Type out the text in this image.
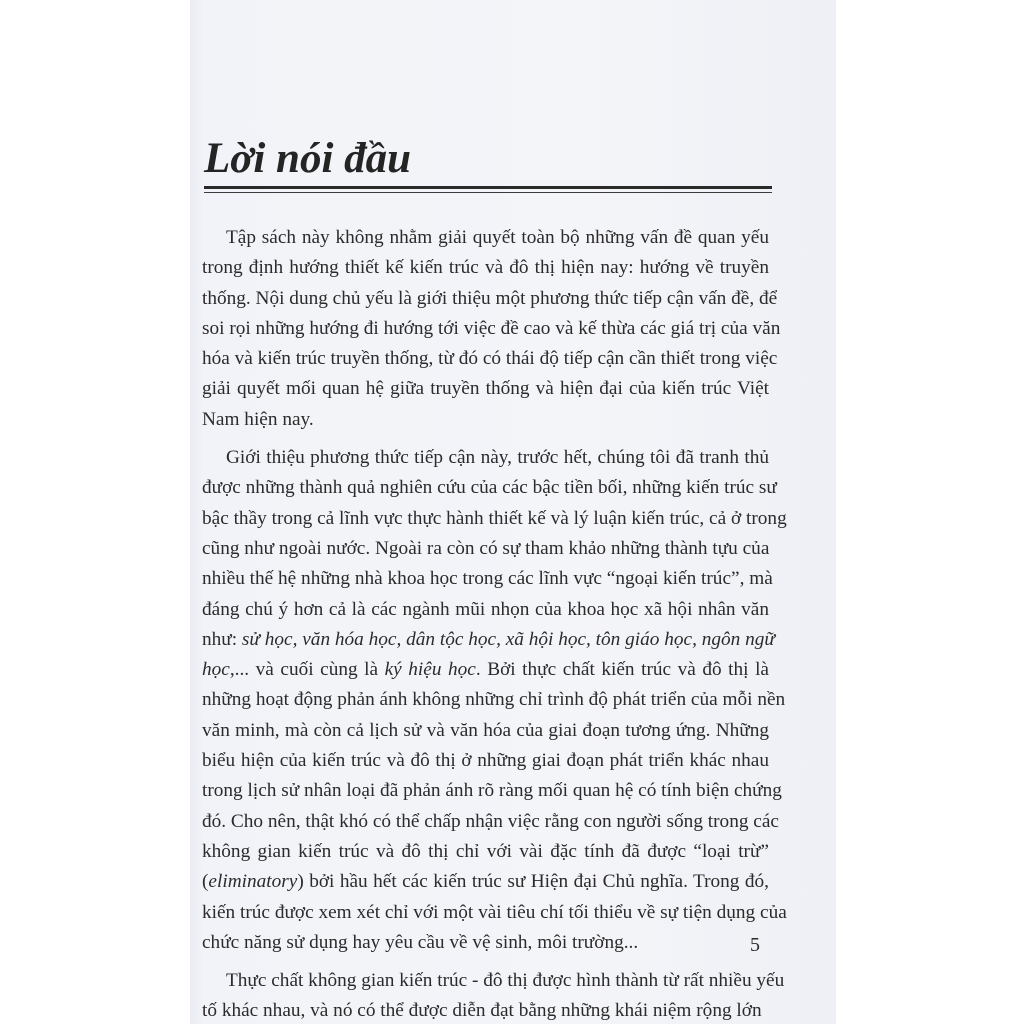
Lời nói đầu
Tập sách này không nhằm giải quyết toàn bộ những vấn đề quan yếu
trong định hướng thiết kế kiến trúc và đô thị hiện nay: hướng về truyền
thống. Nội dung chủ yếu là giới thiệu một phương thức tiếp cận vấn đề, để
soi rọi những hướng đi hướng tới việc đề cao và kế thừa các giá trị của văn
hóa và kiến trúc truyền thống, từ đó có thái độ tiếp cận cần thiết trong việc
giải quyết mối quan hệ giữa truyền thống và hiện đại của kiến trúc Việt
Nam hiện nay.
Giới thiệu phương thức tiếp cận này, trước hết, chúng tôi đã tranh thủ
được những thành quả nghiên cứu của các bậc tiền bối, những kiến trúc sư
bậc thầy trong cả lĩnh vực thực hành thiết kế và lý luận kiến trúc, cả ở trong
cũng như ngoài nước. Ngoài ra còn có sự tham khảo những thành tựu của
nhiều thế hệ những nhà khoa học trong các lĩnh vực “ngoại kiến trúc”, mà
đáng chú ý hơn cả là các ngành mũi nhọn của khoa học xã hội nhân văn
như: sử học, văn hóa học, dân tộc học, xã hội học, tôn giáo học, ngôn ngữ
học,... và cuối cùng là ký hiệu học. Bởi thực chất kiến trúc và đô thị là
những hoạt động phản ánh không những chỉ trình độ phát triển của mỗi nền
văn minh, mà còn cả lịch sử và văn hóa của giai đoạn tương ứng. Những
biểu hiện của kiến trúc và đô thị ở những giai đoạn phát triển khác nhau
trong lịch sử nhân loại đã phản ánh rõ ràng mối quan hệ có tính biện chứng
đó. Cho nên, thật khó có thể chấp nhận việc rằng con người sống trong các
không gian kiến trúc và đô thị chỉ với vài đặc tính đã được “loại trừ”
(eliminatory) bởi hầu hết các kiến trúc sư Hiện đại Chủ nghĩa. Trong đó,
kiến trúc được xem xét chỉ với một vài tiêu chí tối thiểu về sự tiện dụng của
chức năng sử dụng hay yêu cầu về vệ sinh, môi trường...
Thực chất không gian kiến trúc - đô thị được hình thành từ rất nhiều yếu
tố khác nhau, và nó có thể được diễn đạt bằng những khái niệm rộng lớn
5
